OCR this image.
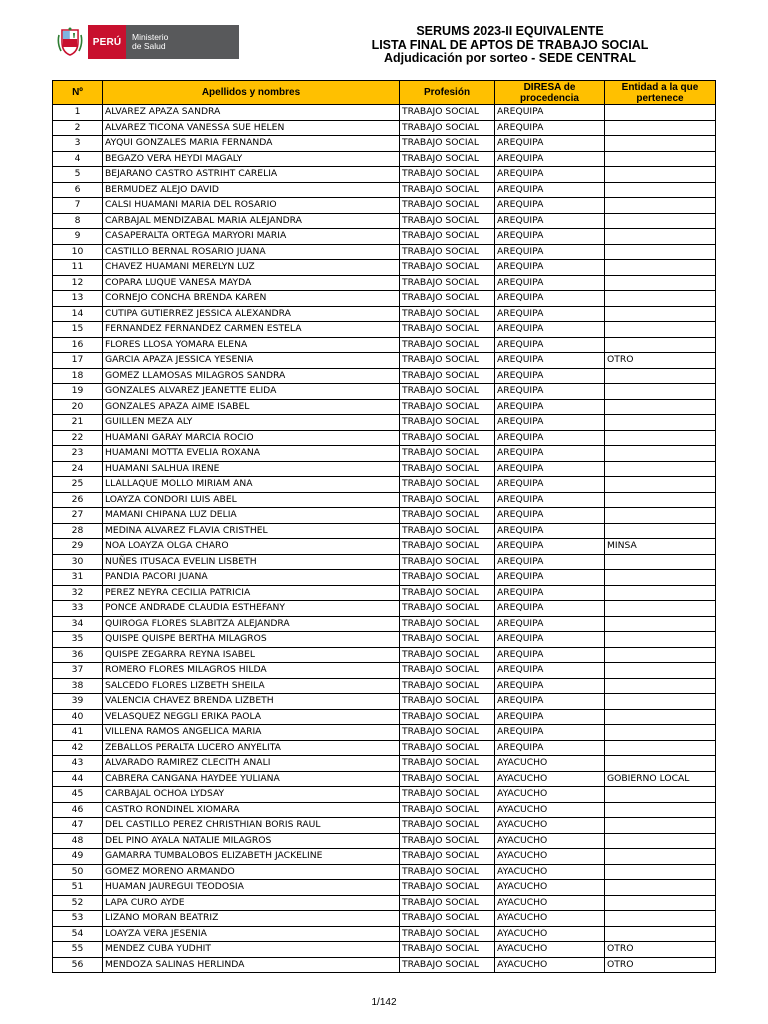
PERÚ	Ministerio
de Salud
SERUMS 2023-II EQUIVALENTE
LISTA FINAL DE APTOS DE TRABAJO SOCIAL
Adjudicación por sorteo - SEDE CENTRAL
Nº	Apellidos y nombres	Profesión	DIRESA de procedencia	Entidad a la que pertenece
1	ALVAREZ APAZA SANDRA	TRABAJO SOCIAL	AREQUIPA	
2	ALVAREZ TICONA VANESSA SUE HELEN	TRABAJO SOCIAL	AREQUIPA	
3	AYQUI GONZALES MARIA FERNANDA	TRABAJO SOCIAL	AREQUIPA	
4	BEGAZO VERA HEYDI MAGALY	TRABAJO SOCIAL	AREQUIPA	
5	BEJARANO CASTRO ASTRIHT CARELIA	TRABAJO SOCIAL	AREQUIPA	
6	BERMUDEZ ALEJO DAVID	TRABAJO SOCIAL	AREQUIPA	
7	CALSI HUAMANI MARIA DEL ROSARIO	TRABAJO SOCIAL	AREQUIPA	
8	CARBAJAL MENDIZABAL MARIA ALEJANDRA	TRABAJO SOCIAL	AREQUIPA	
9	CASAPERALTA ORTEGA MARYORI MARIA	TRABAJO SOCIAL	AREQUIPA	
10	CASTILLO BERNAL ROSARIO JUANA	TRABAJO SOCIAL	AREQUIPA	
11	CHAVEZ HUAMANI MERELYN LUZ	TRABAJO SOCIAL	AREQUIPA	
12	COPARA LUQUE VANESA MAYDA	TRABAJO SOCIAL	AREQUIPA	
13	CORNEJO CONCHA BRENDA KAREN	TRABAJO SOCIAL	AREQUIPA	
14	CUTIPA GUTIERREZ JESSICA ALEXANDRA	TRABAJO SOCIAL	AREQUIPA	
15	FERNANDEZ FERNANDEZ CARMEN ESTELA	TRABAJO SOCIAL	AREQUIPA	
16	FLORES LLOSA YOMARA ELENA	TRABAJO SOCIAL	AREQUIPA	
17	GARCIA APAZA JESSICA YESENIA	TRABAJO SOCIAL	AREQUIPA	OTRO
18	GOMEZ LLAMOSAS MILAGROS SANDRA	TRABAJO SOCIAL	AREQUIPA	
19	GONZALES ALVAREZ JEANETTE ELIDA	TRABAJO SOCIAL	AREQUIPA	
20	GONZALES APAZA AIME ISABEL	TRABAJO SOCIAL	AREQUIPA	
21	GUILLEN MEZA ALY	TRABAJO SOCIAL	AREQUIPA	
22	HUAMANI GARAY MARCIA ROCIO	TRABAJO SOCIAL	AREQUIPA	
23	HUAMANI MOTTA EVELIA ROXANA	TRABAJO SOCIAL	AREQUIPA	
24	HUAMANI SALHUA IRENE	TRABAJO SOCIAL	AREQUIPA	
25	LLALLAQUE MOLLO MIRIAM ANA	TRABAJO SOCIAL	AREQUIPA	
26	LOAYZA CONDORI LUIS ABEL	TRABAJO SOCIAL	AREQUIPA	
27	MAMANI CHIPANA LUZ DELIA	TRABAJO SOCIAL	AREQUIPA	
28	MEDINA ALVAREZ FLAVIA CRISTHEL	TRABAJO SOCIAL	AREQUIPA	
29	NOA LOAYZA OLGA CHARO	TRABAJO SOCIAL	AREQUIPA	MINSA
30	NUÑES ITUSACA EVELIN LISBETH	TRABAJO SOCIAL	AREQUIPA	
31	PANDIA PACORI JUANA	TRABAJO SOCIAL	AREQUIPA	
32	PEREZ NEYRA CECILIA PATRICIA	TRABAJO SOCIAL	AREQUIPA	
33	PONCE ANDRADE CLAUDIA ESTHEFANY	TRABAJO SOCIAL	AREQUIPA	
34	QUIROGA FLORES SLABITZA ALEJANDRA	TRABAJO SOCIAL	AREQUIPA	
35	QUISPE QUISPE BERTHA MILAGROS	TRABAJO SOCIAL	AREQUIPA	
36	QUISPE ZEGARRA REYNA ISABEL	TRABAJO SOCIAL	AREQUIPA	
37	ROMERO FLORES MILAGROS HILDA	TRABAJO SOCIAL	AREQUIPA	
38	SALCEDO FLORES LIZBETH SHEILA	TRABAJO SOCIAL	AREQUIPA	
39	VALENCIA CHAVEZ BRENDA LIZBETH	TRABAJO SOCIAL	AREQUIPA	
40	VELASQUEZ NEGGLI ERIKA PAOLA	TRABAJO SOCIAL	AREQUIPA	
41	VILLENA RAMOS ANGELICA MARIA	TRABAJO SOCIAL	AREQUIPA	
42	ZEBALLOS PERALTA LUCERO ANYELITA	TRABAJO SOCIAL	AREQUIPA	
43	ALVARADO RAMIREZ CLECITH ANALI	TRABAJO SOCIAL	AYACUCHO	
44	CABRERA CANGANA HAYDEE YULIANA	TRABAJO SOCIAL	AYACUCHO	GOBIERNO LOCAL
45	CARBAJAL OCHOA LYDSAY	TRABAJO SOCIAL	AYACUCHO	
46	CASTRO RONDINEL XIOMARA	TRABAJO SOCIAL	AYACUCHO	
47	DEL CASTILLO PEREZ CHRISTHIAN BORIS RAUL	TRABAJO SOCIAL	AYACUCHO	
48	DEL PINO AYALA NATALIE MILAGROS	TRABAJO SOCIAL	AYACUCHO	
49	GAMARRA TUMBALOBOS ELIZABETH JACKELINE	TRABAJO SOCIAL	AYACUCHO	
50	GOMEZ MORENO ARMANDO	TRABAJO SOCIAL	AYACUCHO	
51	HUAMAN JAUREGUI TEODOSIA	TRABAJO SOCIAL	AYACUCHO	
52	LAPA CURO AYDE	TRABAJO SOCIAL	AYACUCHO	
53	LIZANO MORAN BEATRIZ	TRABAJO SOCIAL	AYACUCHO	
54	LOAYZA VERA JESENIA	TRABAJO SOCIAL	AYACUCHO	
55	MENDEZ CUBA YUDHIT	TRABAJO SOCIAL	AYACUCHO	OTRO
56	MENDOZA SALINAS HERLINDA	TRABAJO SOCIAL	AYACUCHO	OTRO
1/142
